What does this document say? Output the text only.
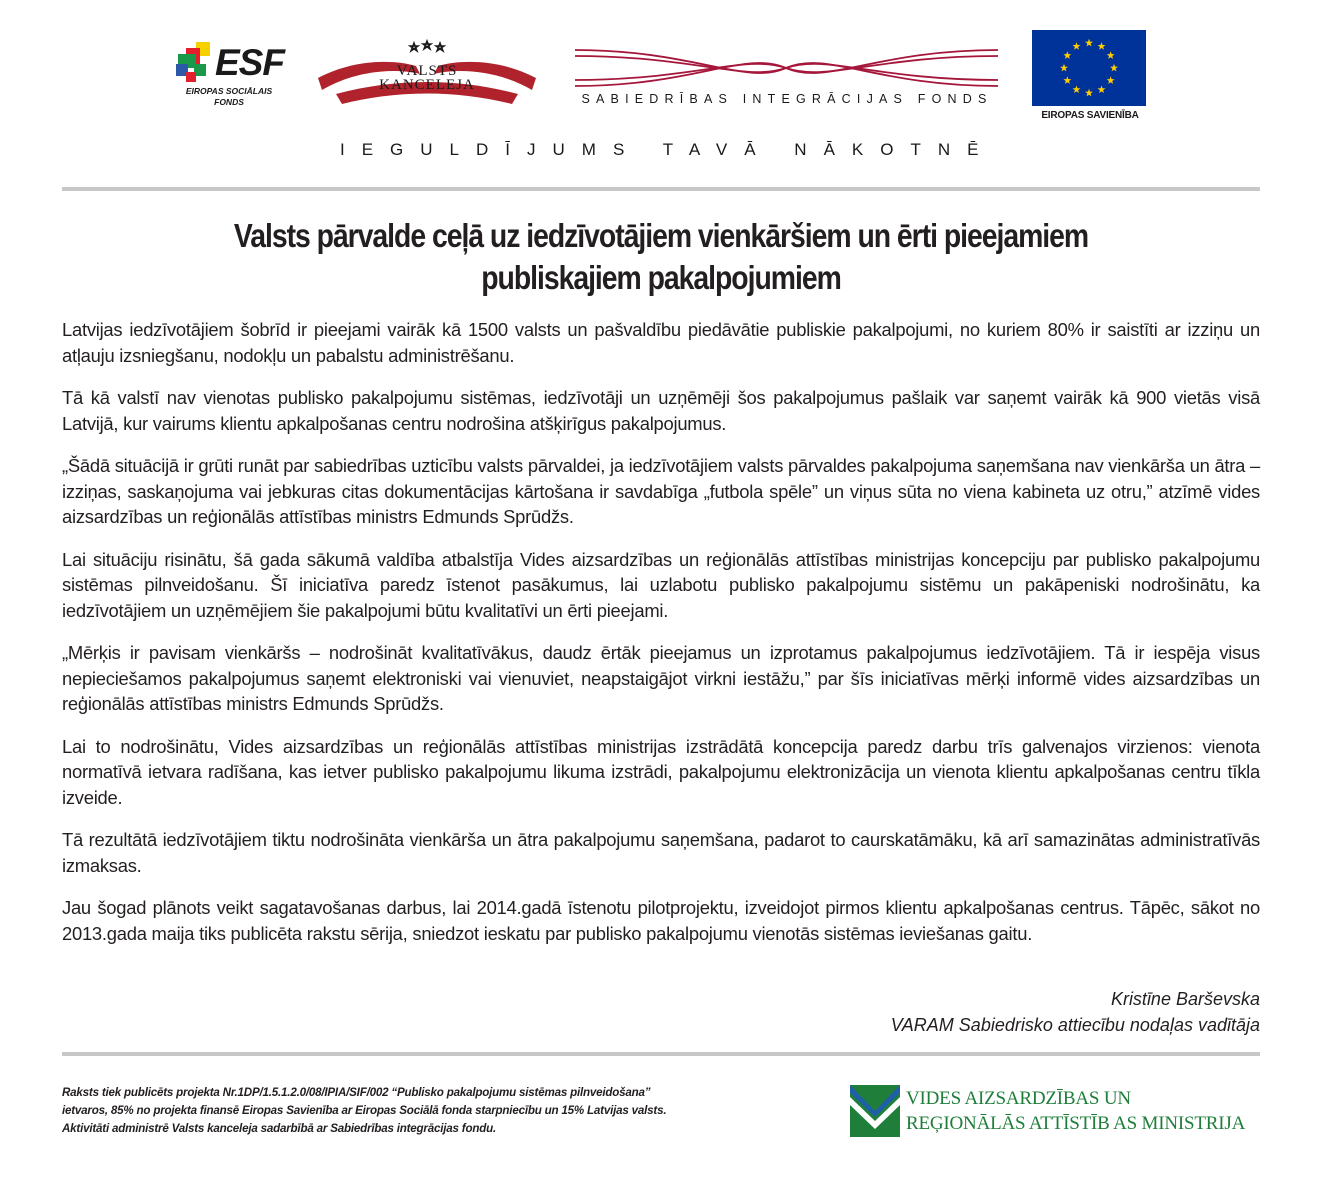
ESF
EIROPAS SOCIĀLAIS
FONDS
VALSTS
KANCELEJA
SABIEDRĪBAS INTEGRĀCIJAS FONDS
EIROPAS SAVIENĪBA
IEGULDĪJUMS TAVĀ NĀKOTNĒ
Valsts pārvalde ceļā uz iedzīvotājiem vienkāršiem un ērti pieejamiem
publiskajiem pakalpojumiem

Latvijas iedzīvotājiem šobrīd ir pieejami vairāk kā 1500 valsts un pašvaldību piedāvātie publiskie pakalpojumi, no kuriem 80% ir saistīti ar izziņu un atļauju izsniegšanu, nodokļu un pabalstu administrēšanu.

Tā kā valstī nav vienotas publisko pakalpojumu sistēmas, iedzīvotāji un uzņēmēji šos pakalpojumus pašlaik var saņemt vairāk kā 900 vietās visā Latvijā, kur vairums klientu apkalpošanas centru nodrošina atšķirīgus pakalpojumus.

„Šādā situācijā ir grūti runāt par sabiedrības uzticību valsts pārvaldei, ja iedzīvotājiem valsts pārvaldes pakalpojuma saņemšana nav vienkārša un ātra – izziņas, saskaņojuma vai jebkuras citas dokumentācijas kārtošana ir savdabīga „futbola spēle” un viņus sūta no viena kabineta uz otru,” atzīmē vides aizsardzības un reģionālās attīstības ministrs Edmunds Sprūdžs.

Lai situāciju risinātu, šā gada sākumā valdība atbalstīja Vides aizsardzības un reģionālās attīstības ministrijas koncepciju par publisko pakalpojumu sistēmas pilnveidošanu. Šī iniciatīva paredz īstenot pasākumus, lai uzlabotu publisko pakalpojumu sistēmu un pakāpeniski nodrošinātu, ka iedzīvotājiem un uzņēmējiem šie pakalpojumi būtu kvalitatīvi un ērti pieejami.

„Mērķis ir pavisam vienkāršs – nodrošināt kvalitatīvākus, daudz ērtāk pieejamus un izprotamus pakalpojumus iedzīvotājiem. Tā ir iespēja visus nepieciešamos pakalpojumus saņemt elektroniski vai vienuviet, neapstaigājot virkni iestāžu,” par šīs iniciatīvas mērķi informē vides aizsardzības un reģionālās attīstības ministrs Edmunds Sprūdžs.

Lai to nodrošinātu, Vides aizsardzības un reģionālās attīstības ministrijas izstrādātā koncepcija paredz darbu trīs galvenajos virzienos: vienota normatīvā ietvara radīšana, kas ietver publisko pakalpojumu likuma izstrādi, pakalpojumu elektronizācija un vienota klientu apkalpošanas centru tīkla izveide.

Tā rezultātā iedzīvotājiem tiktu nodrošināta vienkārša un ātra pakalpojumu saņemšana, padarot to caurskatāmāku, kā arī samazinātas administratīvās izmaksas.

Jau šogad plānots veikt sagatavošanas darbus, lai 2014.gadā īstenotu pilotprojektu, izveidojot pirmos klientu apkalpošanas centrus. Tāpēc, sākot no 2013.gada maija tiks publicēta rakstu sērija, sniedzot ieskatu par publisko pakalpojumu vienotās sistēmas ieviešanas gaitu.

Kristīne Barševska
VARAM Sabiedrisko attiecību nodaļas vadītāja
Raksts tiek publicēts projekta Nr.1DP/1.5.1.2.0/08/IPIA/SIF/002 “Publisko pakalpojumu sistēmas pilnveidošana”
ietvaros, 85% no projekta finansē Eiropas Savienība ar Eiropas Sociālā fonda starpniecību un 15% Latvijas valsts.
Aktivitāti administrē Valsts kanceleja sadarbībā ar Sabiedrības integrācijas fondu.
VIDES AIZSARDZĪBAS UN
REĢIONĀLĀS ATTĪSTĪB AS MINISTRIJA
